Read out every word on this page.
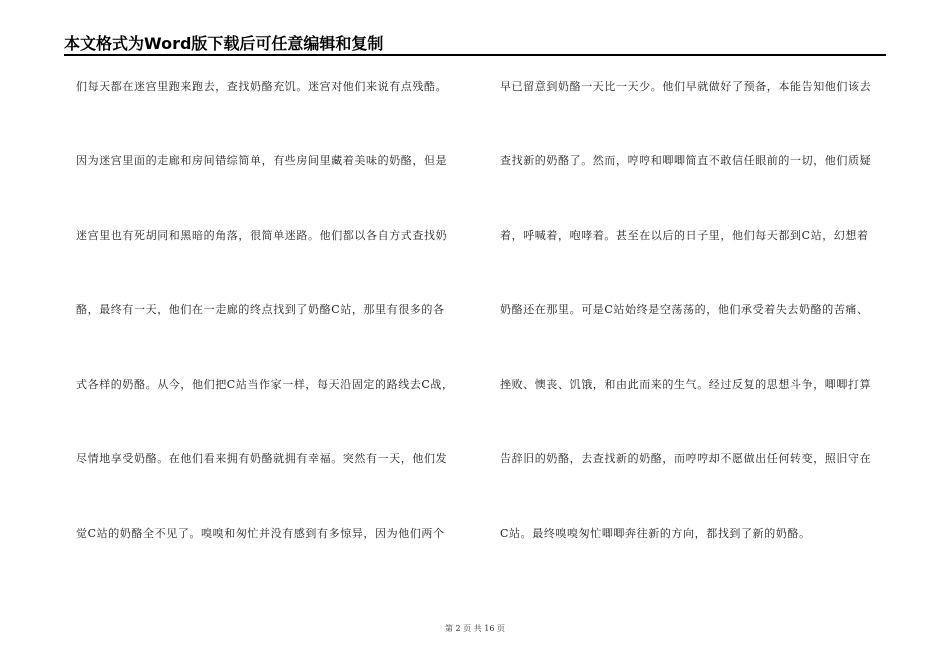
本文格式为Word版下载后可任意编辑和复制
们每天都在迷宫里跑来跑去，查找奶酪充饥。迷宫对他们来说有点残酷。
因为迷宫里面的走廊和房间错综简单，有些房间里藏着美味的奶酪，但是
迷宫里也有死胡同和黑暗的角落，很简单迷路。他们都以各自方式查找奶
酪，最终有一天，他们在一走廊的终点找到了奶酪C站，那里有很多的各
式各样的奶酪。从今，他们把C站当作家一样，每天沿固定的路线去C战，
尽情地享受奶酪。在他们看来拥有奶酪就拥有幸福。突然有一天，他们发
觉C站的奶酪全不见了。嗅嗅和匆忙并没有感到有多惊异，因为他们两个
早已留意到奶酪一天比一天少。他们早就做好了预备，本能告知他们该去
查找新的奶酪了。然而，哼哼和唧唧简直不敢信任眼前的一切，他们质疑
着，呼喊着，咆哮着。甚至在以后的日子里，他们每天都到C站，幻想着
奶酪还在那里。可是C站始终是空荡荡的，他们承受着失去奶酪的苦痛、
挫败、懊丧、饥饿，和由此而来的生气。经过反复的思想斗争，唧唧打算
告辞旧的奶酪，去查找新的奶酪，而哼哼却不愿做出任何转变，照旧守在
C站。最终嗅嗅匆忙唧唧奔往新的方向，都找到了新的奶酪。
第 2 页 共 16 页
